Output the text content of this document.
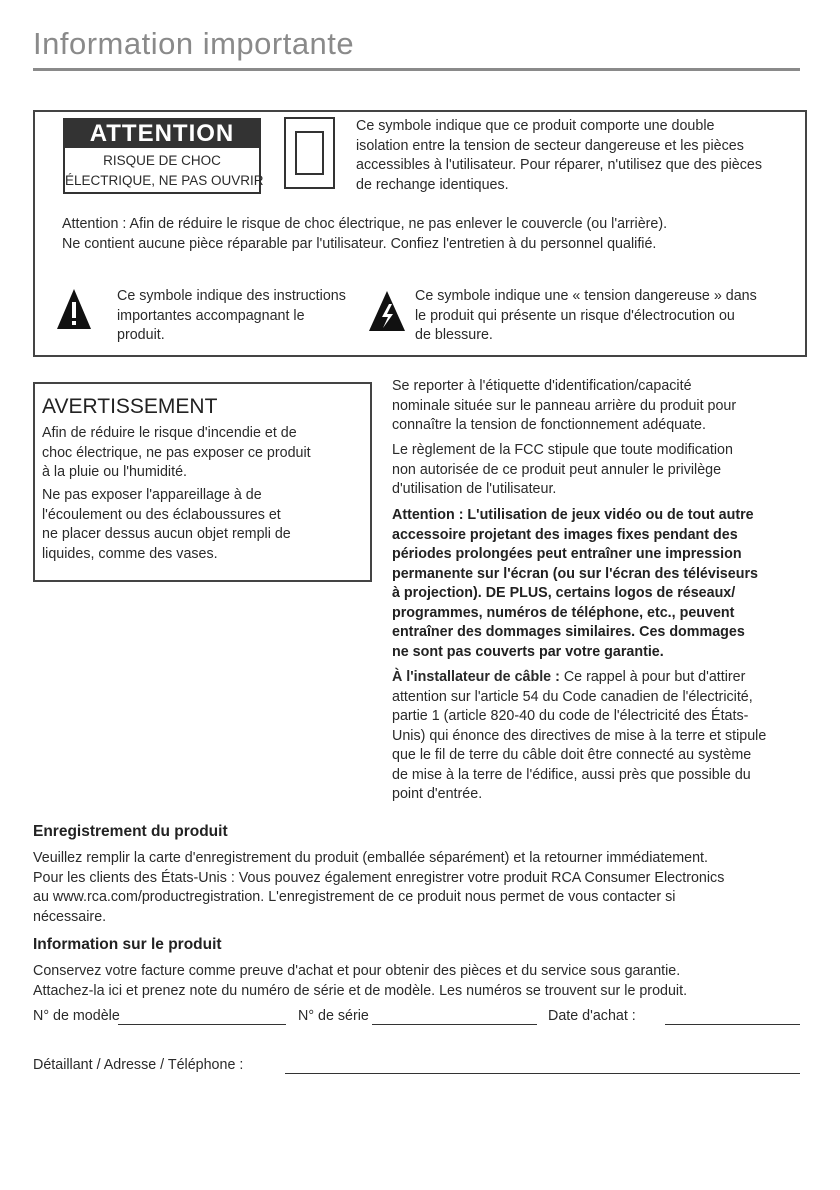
Information importante
ATTENTION
RISQUE DE CHOC
ÉLECTRIQUE, NE PAS OUVRIR
Ce symbole indique que ce produit comporte une double
isolation entre la tension de secteur dangereuse et les pièces
accessibles à l'utilisateur. Pour réparer, n'utilisez que des pièces
de rechange identiques.
Attention : Afin de réduire le risque de choc électrique, ne pas enlever le couvercle (ou l'arrière).
Ne contient aucune pièce réparable par l'utilisateur. Confiez l'entretien à du personnel qualifié.
Ce symbole indique des instructions
importantes accompagnant le
produit.
Ce symbole indique une « tension dangereuse » dans
le produit qui présente un risque d'électrocution ou
de blessure.
AVERTISSEMENT
Afin de réduire le risque d'incendie et de
choc électrique, ne pas exposer ce produit
à la pluie ou l'humidité.
Ne pas exposer l'appareillage à de
l'écoulement ou des éclaboussures et
ne placer dessus aucun objet rempli de
liquides, comme des vases.
Se reporter à l'étiquette d'identification/capacité
nominale située sur le panneau arrière du produit pour
connaître la tension de fonctionnement adéquate.
Le règlement de la FCC stipule que toute modification
non autorisée de ce produit peut annuler le privilège
d'utilisation de l'utilisateur.
Attention : L'utilisation de jeux vidéo ou de tout autre
accessoire projetant des images fixes pendant des
périodes prolongées peut entraîner une impression
permanente sur l'écran (ou sur l'écran des téléviseurs
à projection). DE PLUS, certains logos de réseaux/
programmes, numéros de téléphone, etc., peuvent
entraîner des dommages similaires. Ces dommages
ne sont pas couverts par votre garantie.
À l'installateur de câble : Ce rappel à pour but d'attirer
attention sur l'article 54 du Code canadien de l'électricité,
partie 1 (article 820-40 du code de l'électricité des États-
Unis) qui énonce des directives de mise à la terre et stipule
que le fil de terre du câble doit être connecté au système
de mise à la terre de l'édifice, aussi près que possible du
point d'entrée.
Enregistrement du produit
Veuillez remplir la carte d'enregistrement du produit (emballée séparément) et la retourner immédiatement.
Pour les clients des États-Unis : Vous pouvez également enregistrer votre produit RCA Consumer Electronics
au www.rca.com/productregistration. L'enregistrement de ce produit nous permet de vous contacter si
nécessaire.
Information sur le produit
Conservez votre facture comme preuve d'achat et pour obtenir des pièces et du service sous garantie.
Attachez-la ici et prenez note du numéro de série et de modèle. Les numéros se trouvent sur le produit.
N° de modèle	N° de série	Date d'achat :
Détaillant / Adresse / Téléphone :
